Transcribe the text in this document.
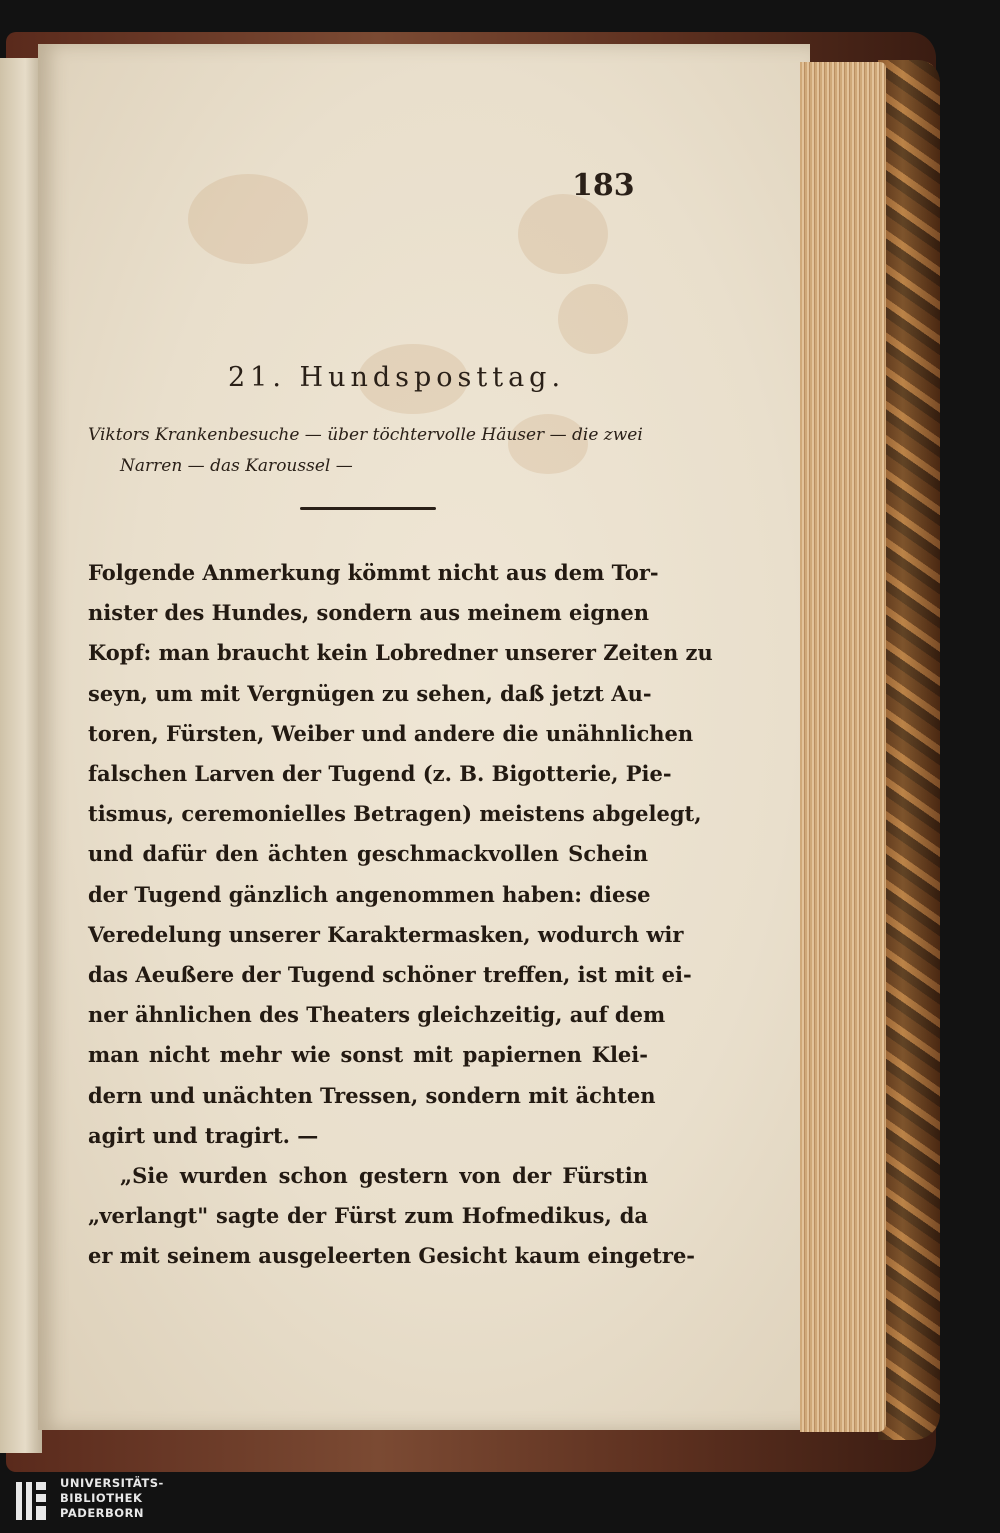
183
21. Hundsposttag.
Viktors Krankenbesuche — über töchtervolle Häuser — die zwei
Narren — das Karoussel —
Folgende Anmerkung kömmt nicht aus dem Tor-
nister des Hundes, sondern aus meinem eignen
Kopf: man braucht kein Lobredner unserer Zeiten zu
seyn, um mit Vergnügen zu sehen, daß jetzt Au-
toren, Fürsten, Weiber und andere die unähnlichen
falschen Larven der Tugend (z. B. Bigotterie, Pie-
tismus, ceremonielles Betragen) meistens abgelegt,
und dafür den ächten geschmackvollen Schein
der Tugend gänzlich angenommen haben: diese
Veredelung unserer Karaktermasken, wodurch wir
das Aeußere der Tugend schöner treffen, ist mit ei-
ner ähnlichen des Theaters gleichzeitig, auf dem
man nicht mehr wie sonst mit papiernen Klei-
dern und unächten Tressen, sondern mit ächten
agirt und tragirt. —
„Sie wurden schon gestern von der Fürstin
„verlangt" sagte der Fürst zum Hofmedikus, da
er mit seinem ausgeleerten Gesicht kaum eingetre-
UNIVERSITÄTS-
BIBLIOTHEK
PADERBORN
